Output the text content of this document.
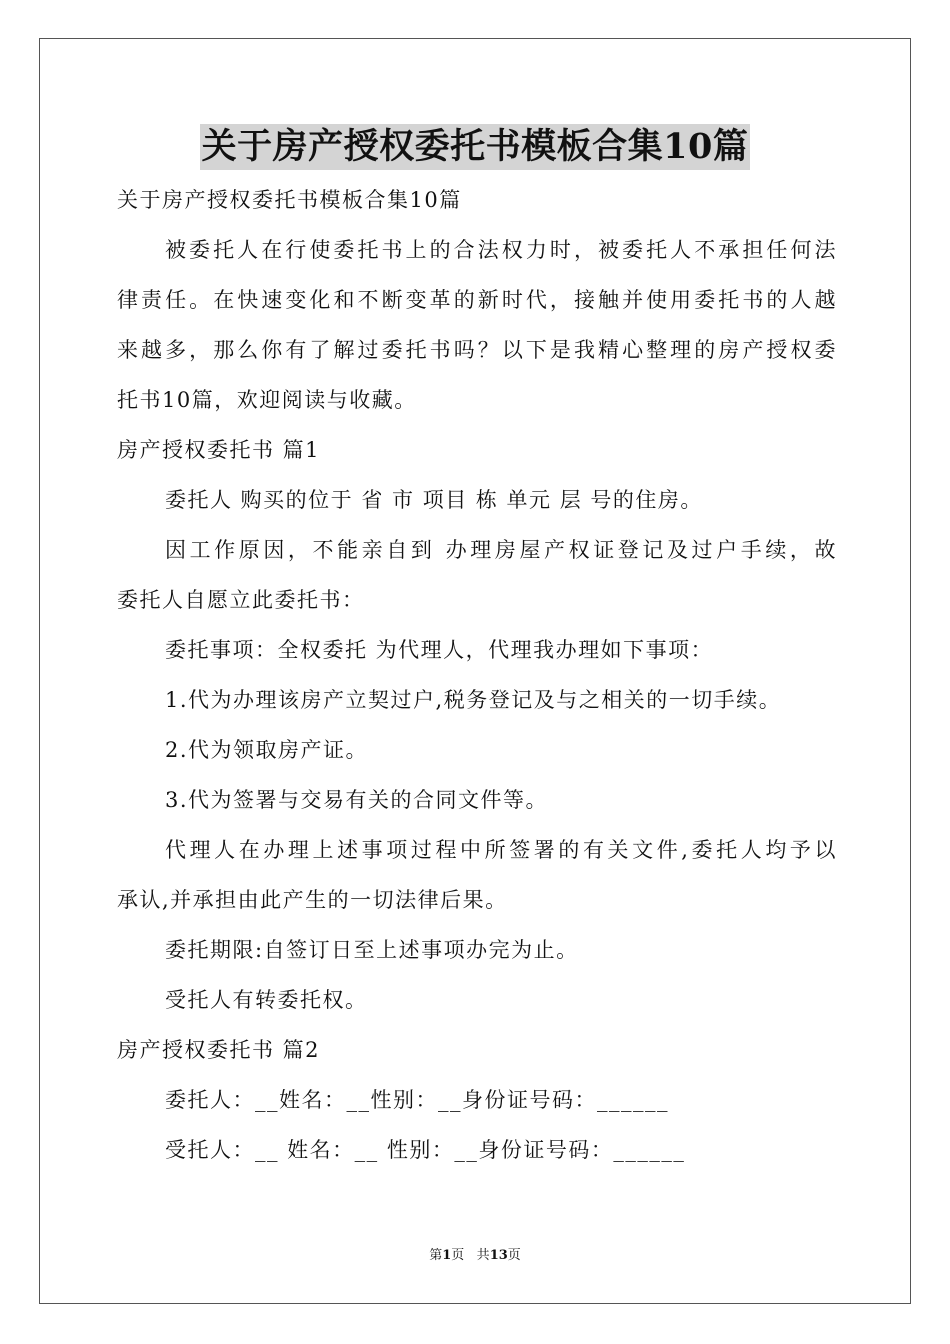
关于房产授权委托书模板合集10篇
关于房产授权委托书模板合集10篇
被委托人在行使委托书上的合法权力时，被委托人不承担任何法
律责任。在快速变化和不断变革的新时代，接触并使用委托书的人越
来越多，那么你有了解过委托书吗？以下是我精心整理的房产授权委
托书10篇，欢迎阅读与收藏。
房产授权委托书 篇1
委托人 购买的位于 省 市 项目 栋 单元 层 号的住房。
因工作原因，不能亲自到 办理房屋产权证登记及过户手续，故
委托人自愿立此委托书：
委托事项：全权委托 为代理人，代理我办理如下事项：
1.代为办理该房产立契过户,税务登记及与之相关的一切手续。
2.代为领取房产证。
3.代为签署与交易有关的合同文件等。
代理人在办理上述事项过程中所签署的有关文件,委托人均予以
承认,并承担由此产生的一切法律后果。
委托期限:自签订日至上述事项办完为止。
受托人有转委托权。
房产授权委托书 篇2
委托人：__姓名：__性别：__身份证号码：______
受托人：__ 姓名：__ 性别：__身份证号码：______
第1页 共13页
